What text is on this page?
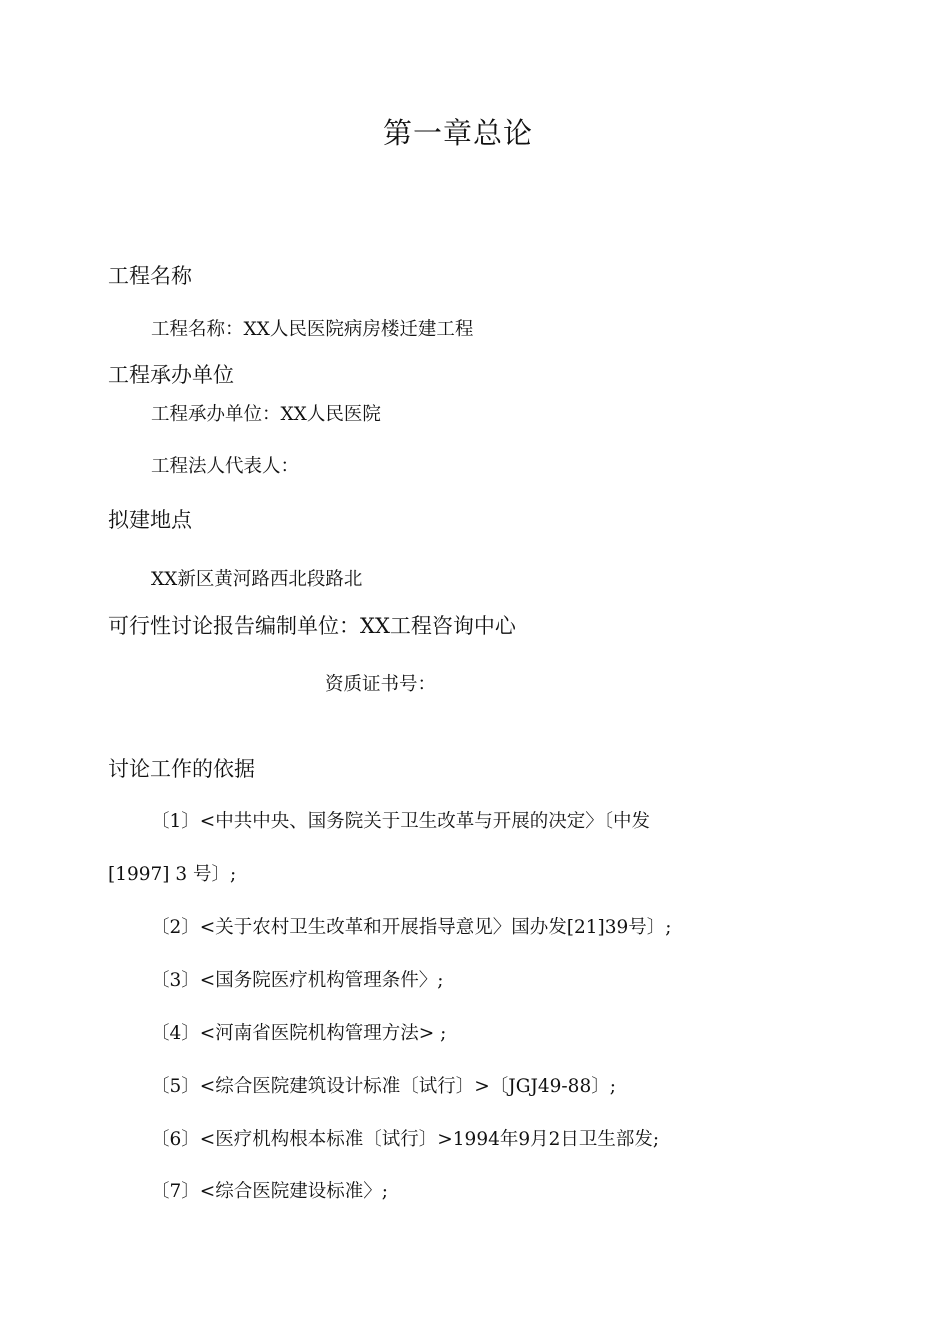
第一章总论
工程名称
工程名称：XX人民医院病房楼迁建工程
工程承办单位
工程承办单位：XX人民医院
工程法人代表人：
拟建地点
XX新区黄河路西北段路北
可行性讨论报告编制单位：XX工程咨询中心
资质证书号：
讨论工作的依据
〔1〕<中共中央、国务院关于卫生改革与开展的决定〉〔中发
[1997] 3 号〕;
〔2〕<关于农村卫生改革和开展指导意见〉国办发[21]39号〕;
〔3〕<国务院医疗机构管理条件〉;
〔4〕<河南省医院机构管理方法> ;
〔5〕<综合医院建筑设计标准〔试行〕>〔JGJ49-88〕;
〔6〕<医疗机构根本标准〔试行〕>1994年9月2日卫生部发;
〔7〕<综合医院建设标准〉;
